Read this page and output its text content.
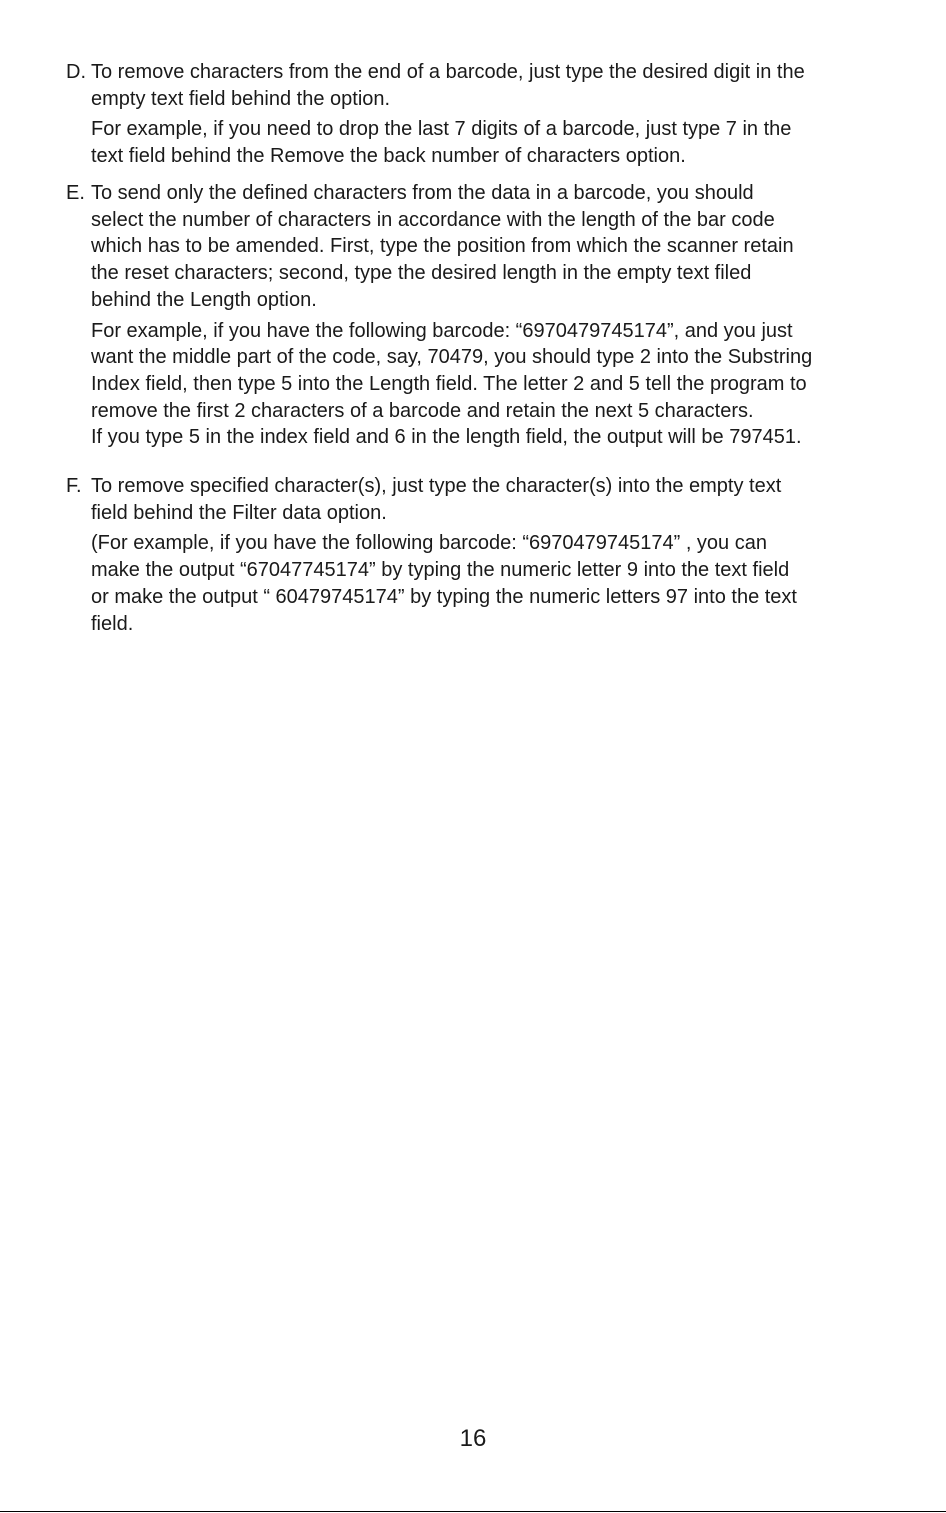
D. To remove characters from the end of a barcode, just type the desired digit in the
empty text field behind the option.

For example, if you need to drop the last 7 digits of a barcode, just type 7 in the
text field behind the Remove the back number of characters option.

E. To send only the defined characters from the data in a barcode, you should
select the number of characters in accordance with the length of the bar code
which has to be amended. First, type the position from which the scanner retain
the reset characters; second, type the desired length in the empty text filed
behind the Length option.

For example, if you have the following barcode: “6970479745174”, and you just
want the middle part of the code, say, 70479, you should type 2 into the Substring
Index field, then type 5 into the Length field. The letter 2 and 5 tell the program to
remove the first 2 characters of a barcode and retain the next 5 characters.
If you type 5 in the index field and 6 in the length field, the output will be 797451.

F. To remove specified character(s), just type the character(s) into the empty text
field behind the Filter data option.

(For example, if you have the following barcode: “6970479745174” , you can
make the output “67047745174” by typing the numeric letter 9 into the text field
or make the output “ 60479745174” by typing the numeric letters 97 into the text
field.

16
